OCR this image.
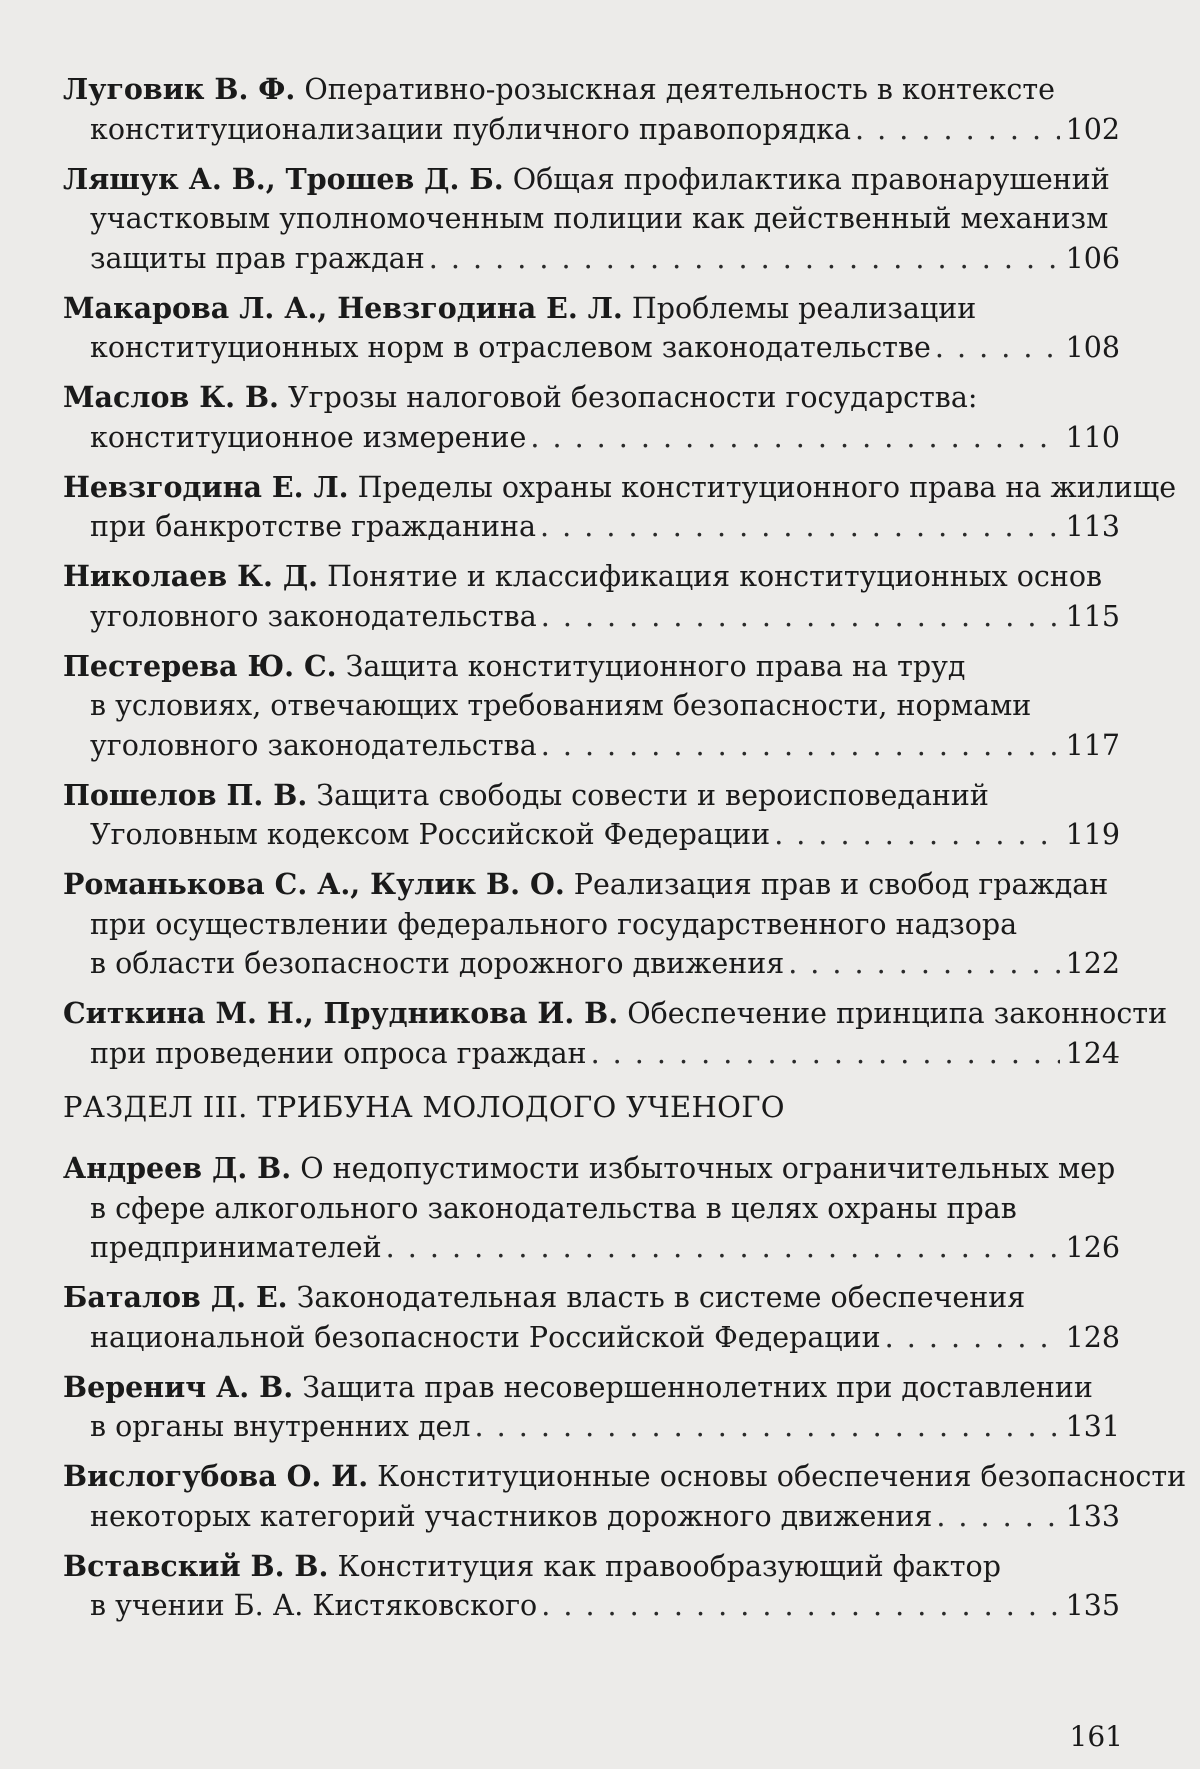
Луговик В. Ф. Оперативно-розыскная деятельность в контексте
конституционализации публичного правопорядка . . .	102
Ляшук А. В., Трошев Д. Б. Общая профилактика правонарушений
участковым уполномоченным полиции как действенный механизм
защиты прав граждан . . .	106
Макарова Л. А., Невзгодина Е. Л. Проблемы реализации
конституционных норм в отраслевом законодательстве . . .	108
Маслов К. В. Угрозы налоговой безопасности государства:
конституционное измерение . . .	110
Невзгодина Е. Л. Пределы охраны конституционного права на жилище
при банкротстве гражданина . . .	113
Николаев К. Д. Понятие и классификация конституционных основ
уголовного законодательства . . .	115
Пестерева Ю. С. Защита конституционного права на труд
в условиях, отвечающих требованиям безопасности, нормами
уголовного законодательства . . .	117
Пошелов П. В. Защита свободы совести и вероисповеданий
Уголовным кодексом Российской Федерации . . .	119
Романькова С. А., Кулик В. О. Реализация прав и свобод граждан
при осуществлении федерального государственного надзора
в области безопасности дорожного движения . . .	122
Ситкина М. Н., Прудникова И. В. Обеспечение принципа законности
при проведении опроса граждан . . .	124
РАЗДЕЛ III. ТРИБУНА МОЛОДОГО УЧЕНОГО
Андреев Д. В. О недопустимости избыточных ограничительных мер
в сфере алкогольного законодательства в целях охраны прав
предпринимателей . . .	126
Баталов Д. Е. Законодательная власть в системе обеспечения
национальной безопасности Российской Федерации . . .	128
Веренич А. В. Защита прав несовершеннолетних при доставлении
в органы внутренних дел . . .	131
Вислогубова О. И. Конституционные основы обеспечения безопасности
некоторых категорий участников дорожного движения . . .	133
Вставский В. В. Конституция как правообразующий фактор
в учении Б. А. Кистяковского . . .	135
161
